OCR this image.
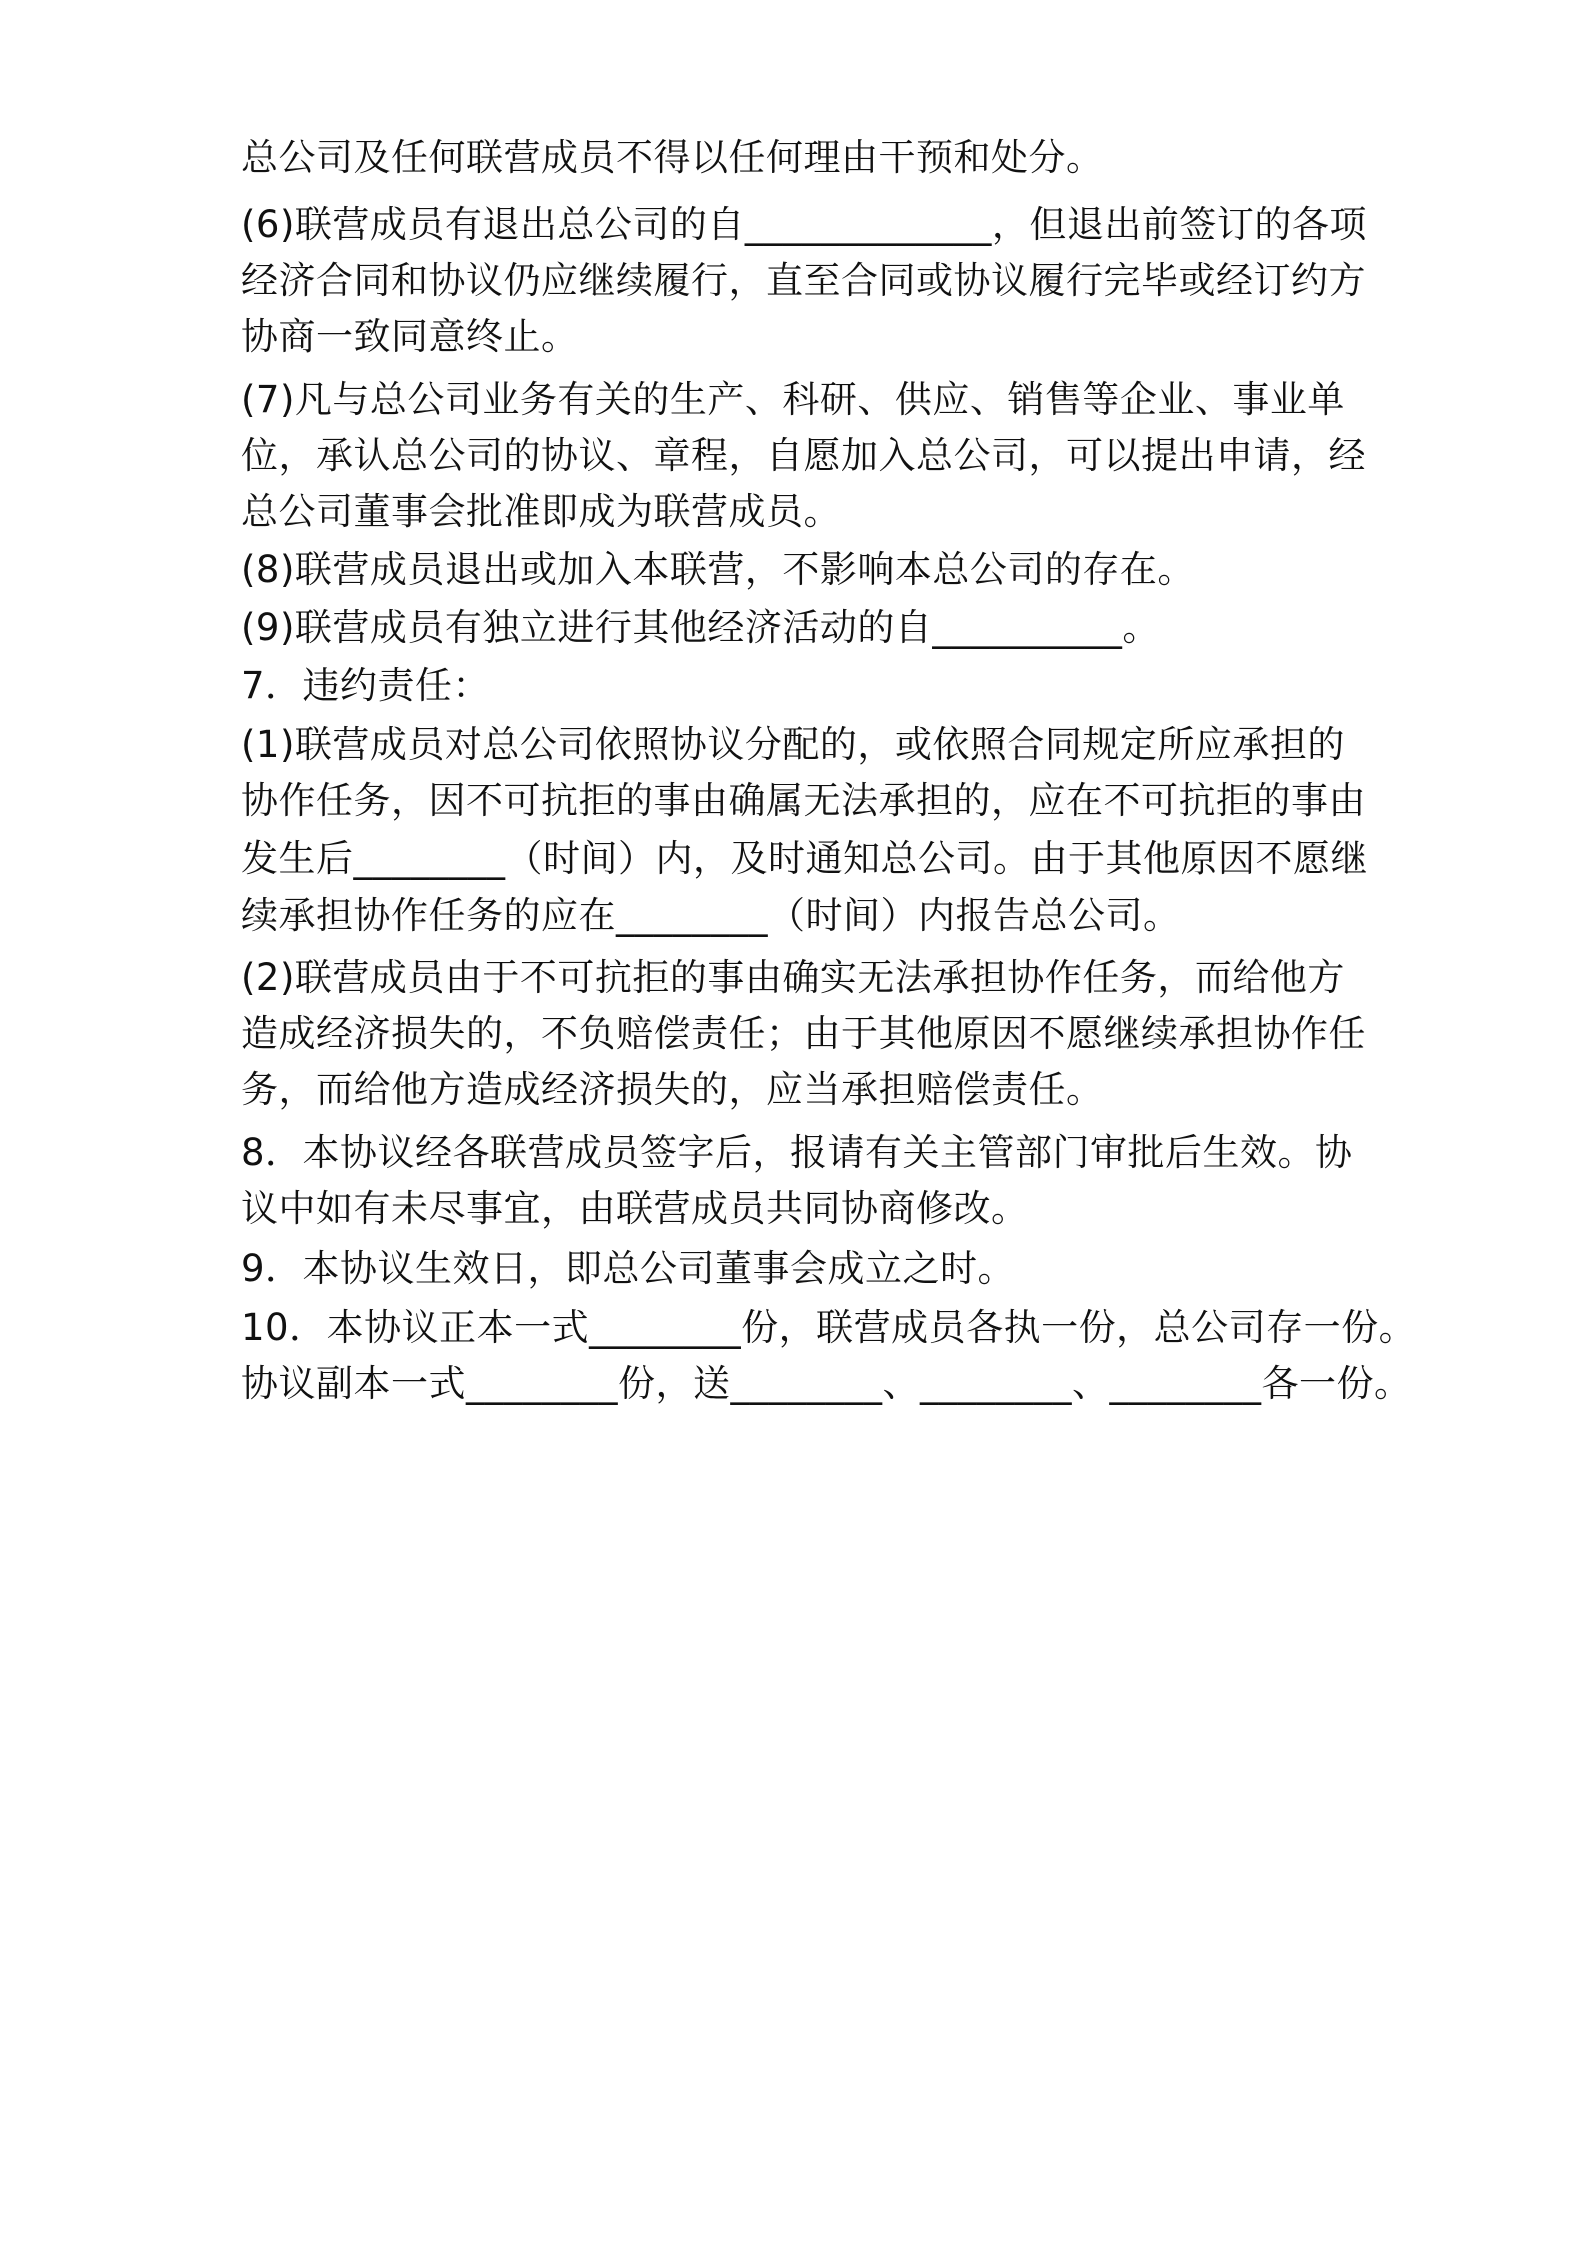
总公司及任何联营成员不得以任何理由干预和处分。

(6)联营成员有退出总公司的自_____________，但退出前签订的各项

经济合同和协议仍应继续履行，直至合同或协议履行完毕或经订约方

协商一致同意终止。

(7)凡与总公司业务有关的生产、科研、供应、销售等企业、事业单

位，承认总公司的协议、章程，自愿加入总公司，可以提出申请，经

总公司董事会批准即成为联营成员。

(8)联营成员退出或加入本联营，不影响本总公司的存在。

(9)联营成员有独立进行其他经济活动的自__________。

7．违约责任：

(1)联营成员对总公司依照协议分配的，或依照合同规定所应承担的

协作任务，因不可抗拒的事由确属无法承担的，应在不可抗拒的事由

发生后________（时间）内，及时通知总公司。由于其他原因不愿继

续承担协作任务的应在________（时间）内报告总公司。

(2)联营成员由于不可抗拒的事由确实无法承担协作任务，而给他方

造成经济损失的，不负赔偿责任；由于其他原因不愿继续承担协作任

务，而给他方造成经济损失的，应当承担赔偿责任。

8．本协议经各联营成员签字后，报请有关主管部门审批后生效。协

议中如有未尽事宜，由联营成员共同协商修改。

9．本协议生效日，即总公司董事会成立之时。

10．本协议正本一式________份，联营成员各执一份，总公司存一份。

协议副本一式________份，送________、________、________各一份。
